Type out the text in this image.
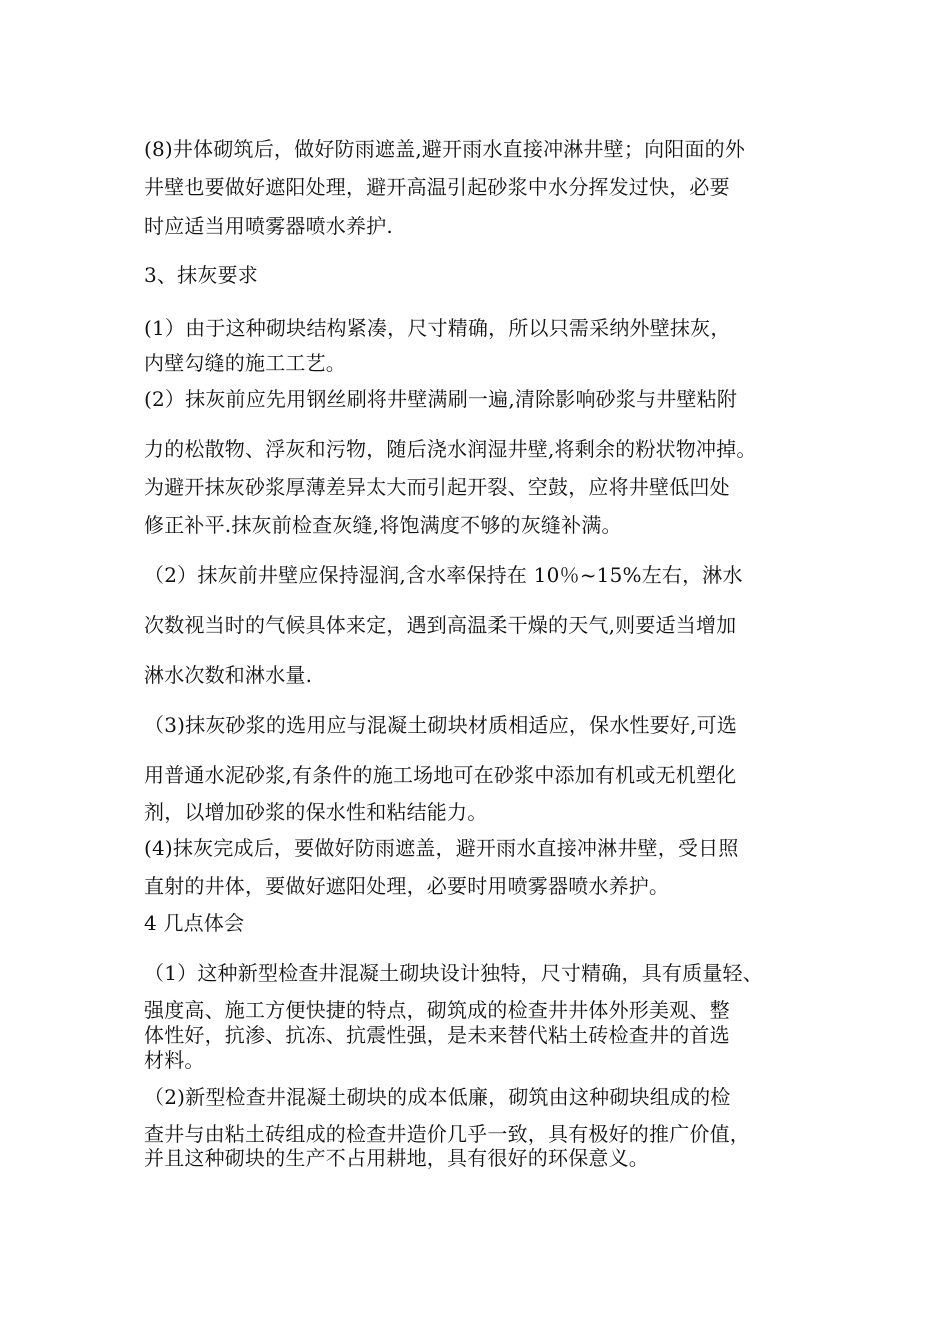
(8)井体砌筑后，做好防雨遮盖,避开雨水直接冲淋井壁；向阳面的外
井壁也要做好遮阳处理，避开高温引起砂浆中水分挥发过快，必要
时应适当用喷雾器喷水养护.
3、抹灰要求
(1）由于这种砌块结构紧凑，尺寸精确，所以只需采纳外壁抹灰，
内壁勾缝的施工工艺。
(2）抹灰前应先用钢丝刷将井壁满刷一遍,清除影响砂浆与井壁粘附
力的松散物、浮灰和污物，随后浇水润湿井壁,将剩余的粉状物冲掉。
为避开抹灰砂浆厚薄差异太大而引起开裂、空鼓，应将井壁低凹处
修正补平.抹灰前检查灰缝,将饱满度不够的灰缝补满。
（2）抹灰前井壁应保持湿润,含水率保持在 10％~15%左右，淋水
次数视当时的气候具体来定，遇到高温柔干燥的天气,则要适当增加
淋水次数和淋水量.
（3)抹灰砂浆的选用应与混凝土砌块材质相适应，保水性要好,可选
用普通水泥砂浆,有条件的施工场地可在砂浆中添加有机或无机塑化
剂，以增加砂浆的保水性和粘结能力。
(4)抹灰完成后，要做好防雨遮盖，避开雨水直接冲淋井壁，受日照
直射的井体，要做好遮阳处理，必要时用喷雾器喷水养护。
4 几点体会
（1）这种新型检查井混凝土砌块设计独特，尺寸精确，具有质量轻、
强度高、施工方便快捷的特点，砌筑成的检查井井体外形美观、整
体性好，抗渗、抗冻、抗震性强，是未来替代粘土砖检查井的首选
材料。
（2)新型检查井混凝土砌块的成本低廉，砌筑由这种砌块组成的检
查井与由粘土砖组成的检查井造价几乎一致，具有极好的推广价值，
并且这种砌块的生产不占用耕地，具有很好的环保意义。
